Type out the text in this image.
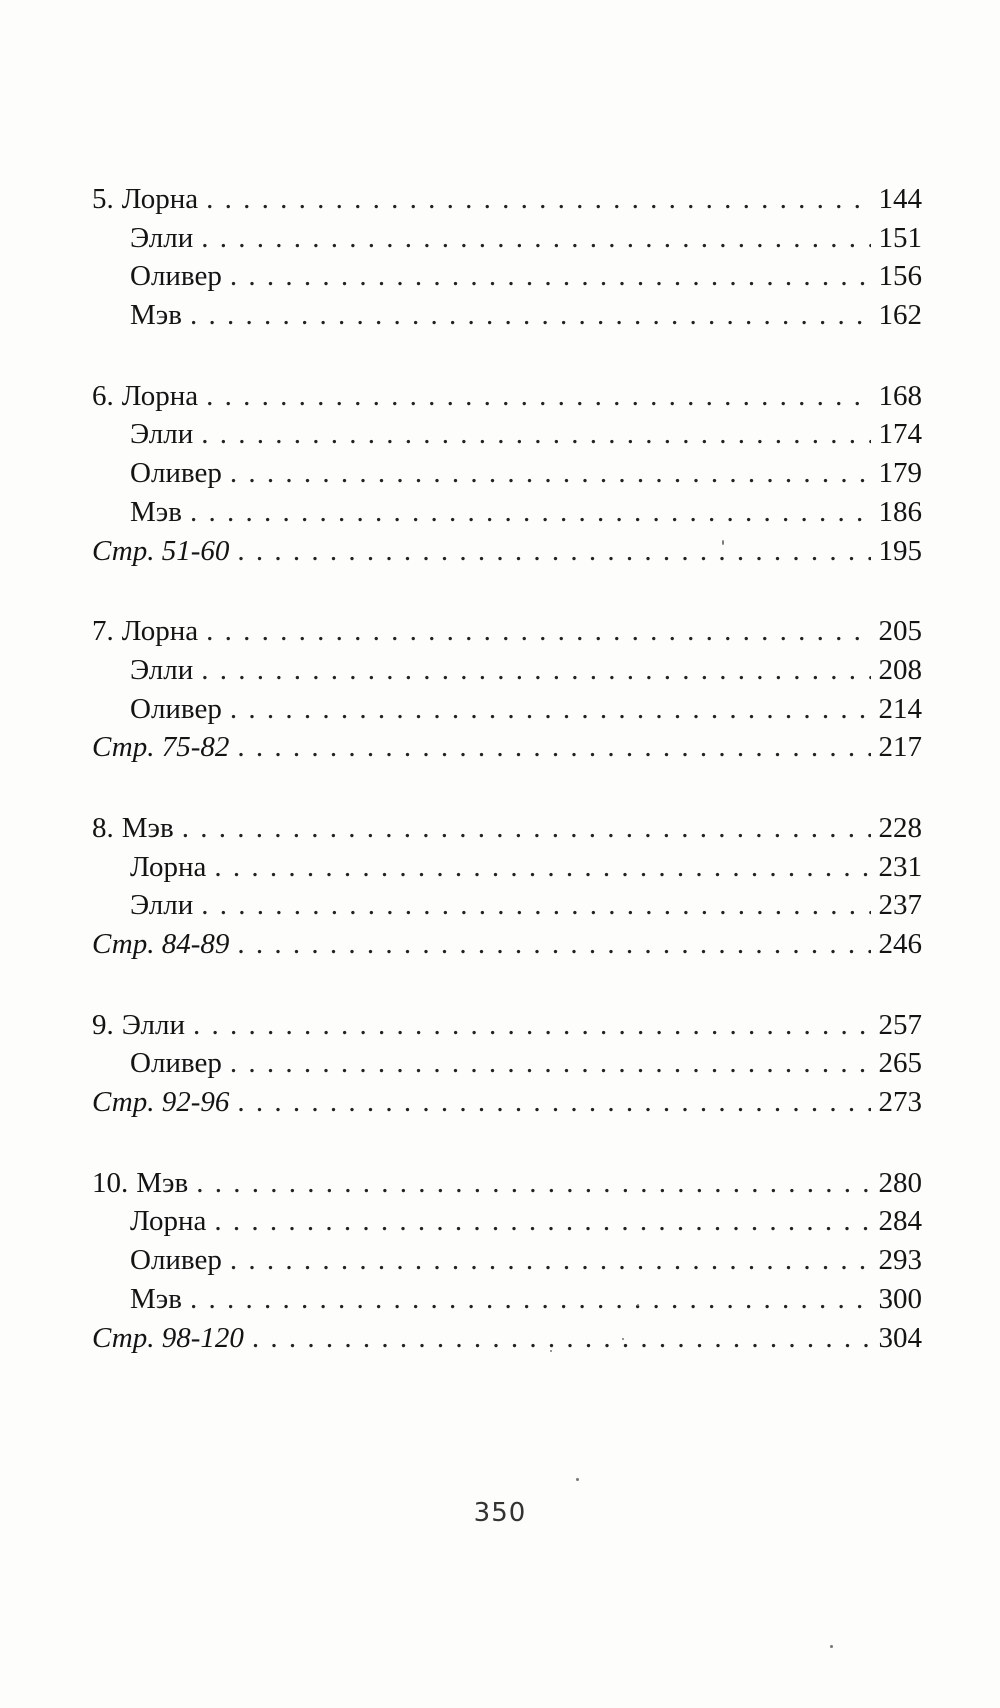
5. Лорна . . .	144
Элли . . .	151
Оливер . . .	156
Мэв . . .	162
6. Лорна . . .	168
Элли . . .	174
Оливер . . .	179
Мэв . . .	186
Стр. 51-60 . . .	195
7. Лорна . . .	205
Элли . . .	208
Оливер . . .	214
Стр. 75-82 . . .	217
8. Мэв . . .	228
Лорна . . .	231
Элли . . .	237
Стр. 84-89 . . .	246
9. Элли . . .	257
Оливер . . .	265
Стр. 92-96 . . .	273
10. Мэв . . .	280
Лорна . . .	284
Оливер . . .	293
Мэв . . .	300
Стр. 98-120 . . .	304
350
